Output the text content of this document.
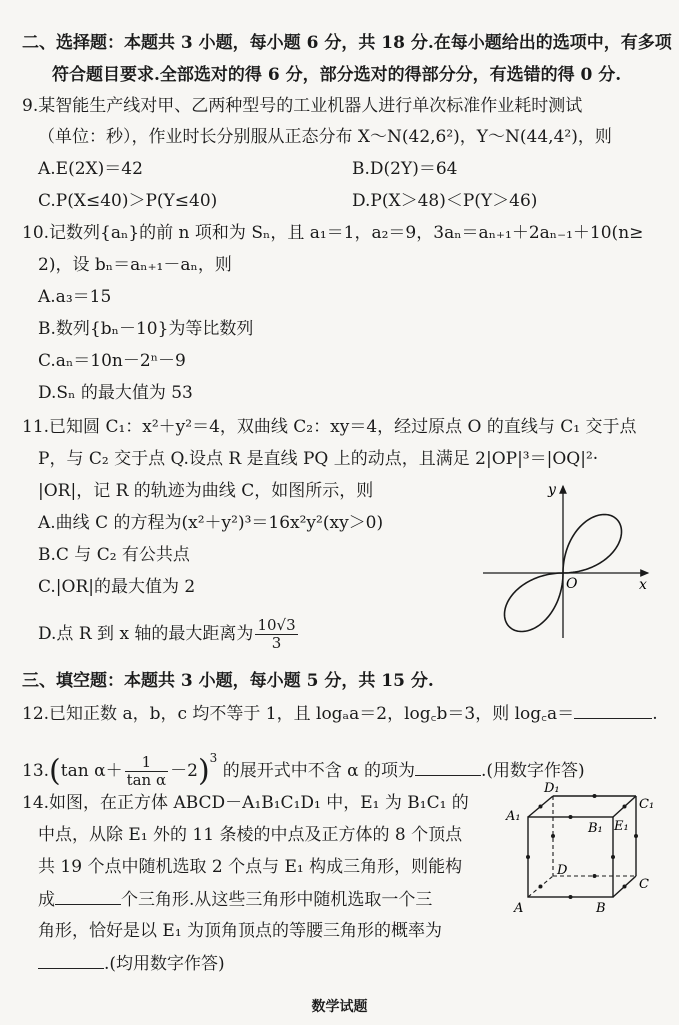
二、选择题：本题共 3 小题，每小题 6 分，共 18 分.在每小题给出的选项中，有多项
符合题目要求.全部选对的得 6 分，部分选对的得部分分，有选错的得 0 分.
9.某智能生产线对甲、乙两种型号的工业机器人进行单次标准作业耗时测试
（单位：秒），作业时长分别服从正态分布 X～N(42,6²)，Y～N(44,4²)，则
A.E(2X)＝42	B.D(2Y)＝64
C.P(X≤40)＞P(Y≤40)	D.P(X＞48)＜P(Y＞46)
10.记数列{aₙ}的前 n 项和为 Sₙ，且 a₁＝1，a₂＝9，3aₙ＝aₙ₊₁＋2aₙ₋₁＋10(n≥
2)，设 bₙ＝aₙ₊₁－aₙ，则
A.a₃＝15
B.数列{bₙ－10}为等比数列
C.aₙ＝10n－2ⁿ－9
D.Sₙ 的最大值为 53
11.已知圆 C₁：x²＋y²＝4，双曲线 C₂：xy＝4，经过原点 O 的直线与 C₁ 交于点
P，与 C₂ 交于点 Q.设点 R 是直线 PQ 上的动点，且满足 2|OP|³＝|OQ|²·
|OR|，记 R 的轨迹为曲线 C，如图所示，则
A.曲线 C 的方程为(x²＋y²)³＝16x²y²(xy＞0)
B.C 与 C₂ 有公共点
C.|OR|的最大值为 2
D.点 R 到 x 轴的最大距离为 $\frac{10√3}{3}$
y
x
O
三、填空题：本题共 3 小题，每小题 5 分，共 15 分.
12.已知正数 a，b，c 均不等于 1，且 logₐa＝2，log꜀b＝3，则 log꜀a＝	.
13.(tan $\alpha+ \frac{1}{\text{tan α}} -2)^3$ 的展开式中不含 α 的项为	.(用数字作答)
14.如图，在正方体 ABCD－A₁B₁C₁D₁ 中，E₁ 为 B₁C₁ 的
中点，从除 E₁ 外的 11 条棱的中点及正方体的 8 个顶点
共 19 个点中随机选取 2 个点与 E₁ 构成三角形，则能构
成	个三角形.从这些三角形中随机选取一个三
角形，恰好是以 E₁ 为顶角顶点的等腰三角形的概率为
.(均用数字作答)
D₁
C₁
A₁
B₁ E₁
D
C
A	B
数学试题
